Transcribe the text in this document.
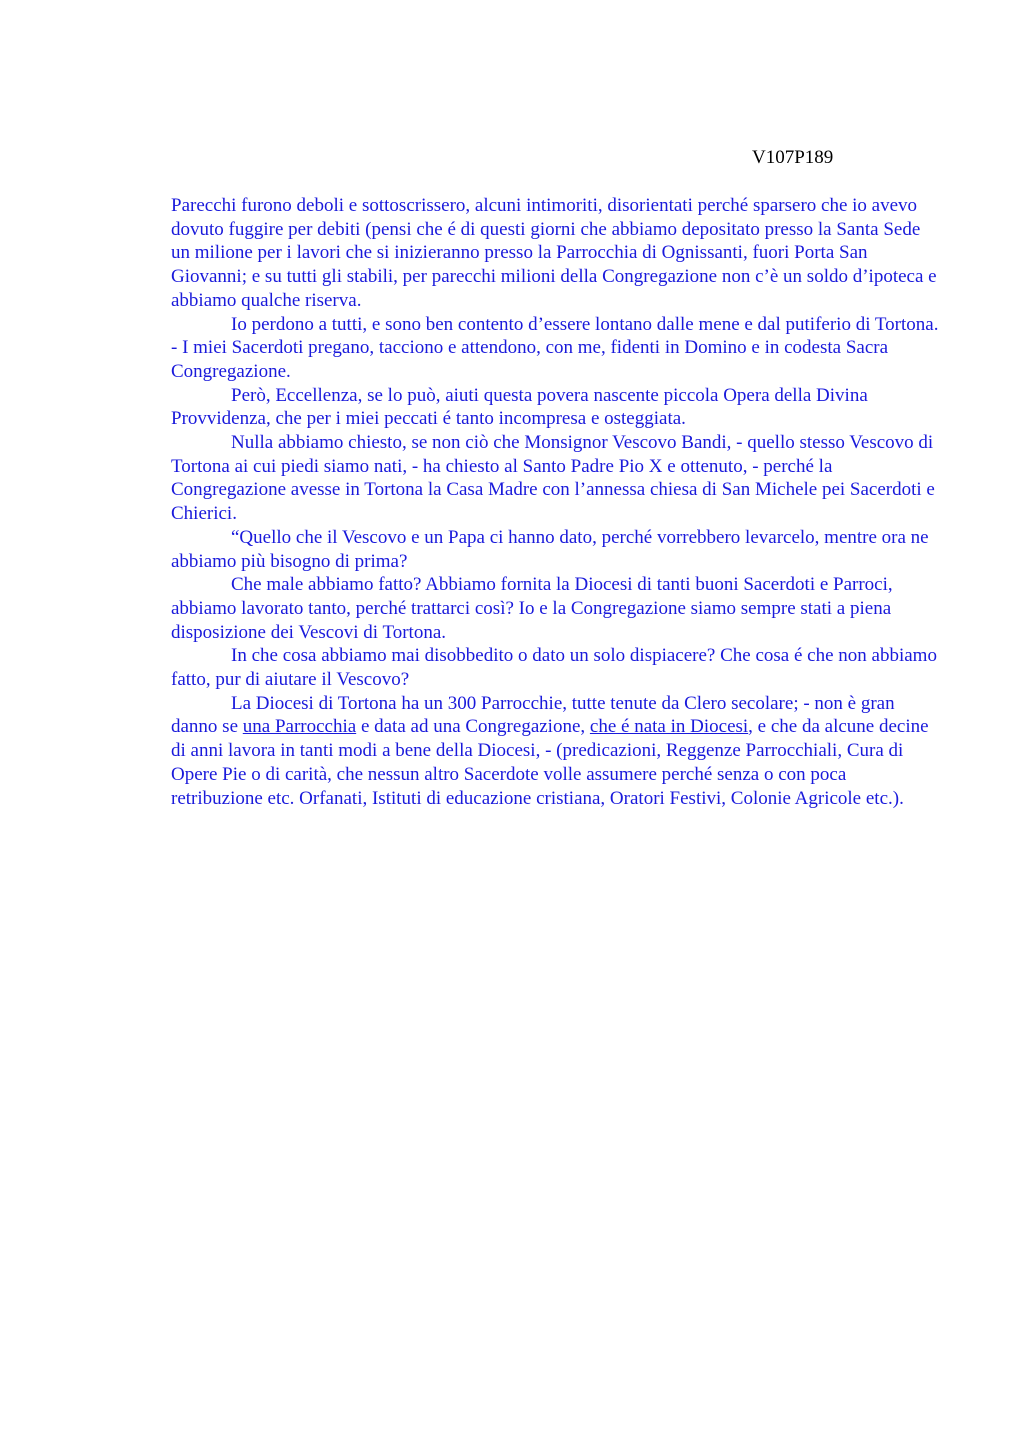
V107P189

Parecchi furono deboli e sottoscrissero, alcuni intimoriti, disorientati perché sparsero che io avevo dovuto fuggire per debiti (pensi che é di questi giorni che abbiamo depositato presso la Santa Sede un milione per i lavori che si inizieranno presso la Parrocchia di Ognissanti, fuori Porta San Giovanni; e su tutti gli stabili, per parecchi milioni della Congregazione non c’è un soldo d’ipoteca e abbiamo qualche riserva.

Io perdono a tutti, e sono ben contento d’essere lontano dalle mene e dal putiferio di Tortona. - I miei Sacerdoti pregano, tacciono e attendono, con me, fidenti in Domino e in codesta Sacra Congregazione.

Però, Eccellenza, se lo può, aiuti questa povera nascente piccola Opera della Divina Provvidenza, che per i miei peccati é tanto incompresa e osteggiata.

Nulla abbiamo chiesto, se non ciò che Monsignor Vescovo Bandi, - quello stesso Vescovo di Tortona ai cui piedi siamo nati, - ha chiesto al Santo Padre Pio X e ottenuto, - perché la Congregazione avesse in Tortona la Casa Madre con l’annessa chiesa di San Michele pei Sacerdoti e Chierici.

“Quello che il Vescovo e un Papa ci hanno dato, perché vorrebbero levarcelo, mentre ora ne abbiamo più bisogno di prima?

Che male abbiamo fatto? Abbiamo fornita la Diocesi di tanti buoni Sacerdoti e Parroci, abbiamo lavorato tanto, perché trattarci così? Io e la Congregazione siamo sempre stati a piena disposizione dei Vescovi di Tortona.

In che cosa abbiamo mai disobbedito o dato un solo dispiacere? Che cosa é che non abbiamo fatto, pur di aiutare il Vescovo?

La Diocesi di Tortona ha un 300 Parrocchie, tutte tenute da Clero secolare; - non è gran danno se una Parrocchia e data ad una Congregazione, che é nata in Diocesi, e che da alcune decine di anni lavora in tanti modi a bene della Diocesi, - (predicazioni, Reggenze Parrocchiali, Cura di Opere Pie o di carità, che nessun altro Sacerdote volle assumere perché senza o con poca retribuzione etc. Orfanati, Istituti di educazione cristiana, Oratori Festivi, Colonie Agricole etc.).
